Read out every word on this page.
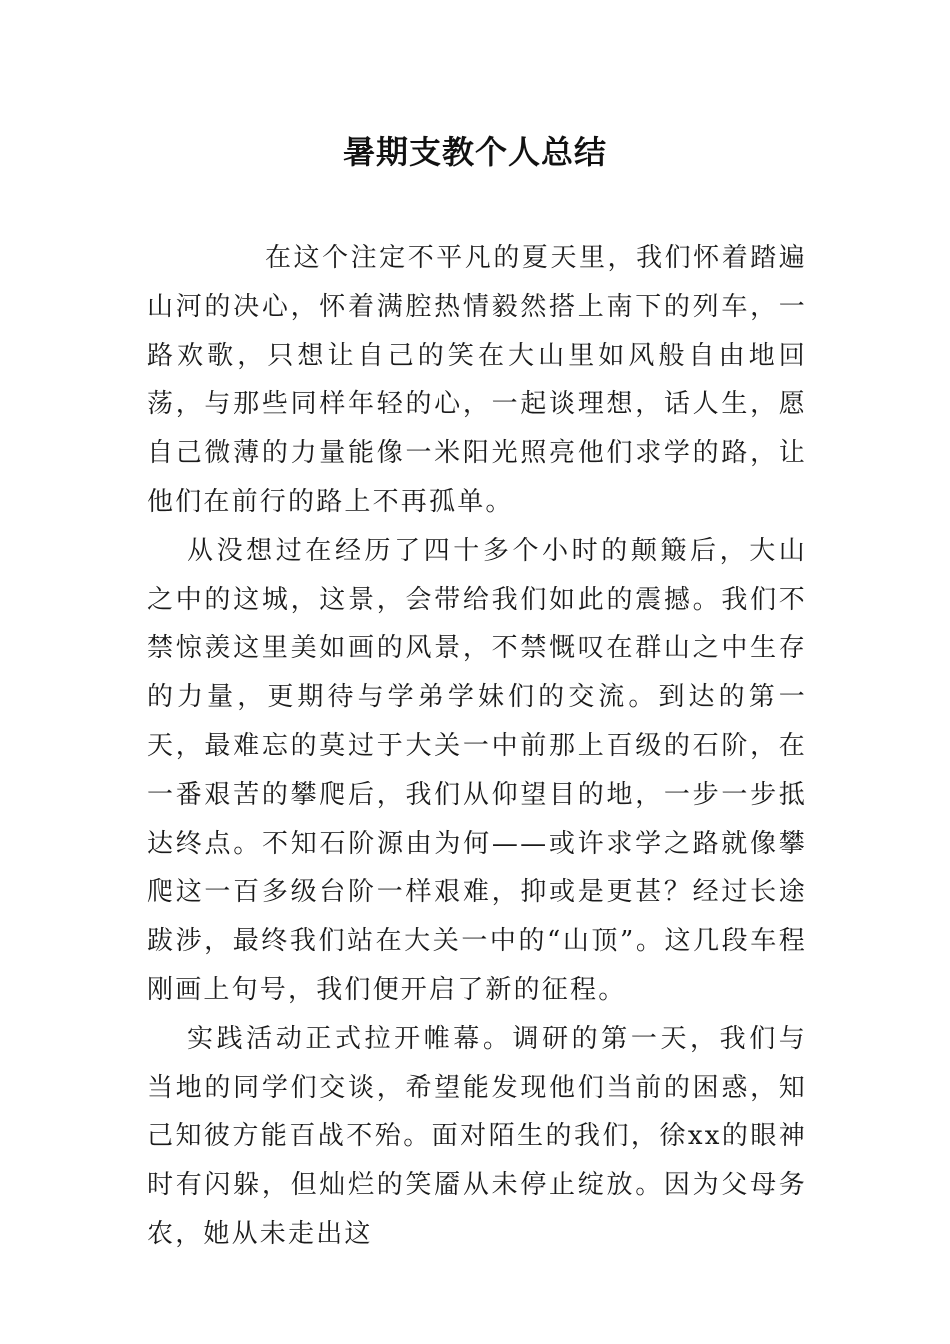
暑期支教个人总结

在这个注定不平凡的夏天里，我们怀着踏遍山河的决心，怀着满腔热情毅然搭上南下的列车，一路欢歌，只想让自己的笑在大山里如风般自由地回荡，与那些同样年轻的心，一起谈理想，话人生，愿自己微薄的力量能像一米阳光照亮他们求学的路，让他们在前行的路上不再孤单。

从没想过在经历了四十多个小时的颠簸后，大山之中的这城，这景，会带给我们如此的震撼。我们不禁惊羡这里美如画的风景，不禁慨叹在群山之中生存的力量，更期待与学弟学妹们的交流。到达的第一天，最难忘的莫过于大关一中前那上百级的石阶，在一番艰苦的攀爬后，我们从仰望目的地，一步一步抵达终点。不知石阶源由为何——或许求学之路就像攀爬这一百多级台阶一样艰难，抑或是更甚？经过长途跋涉，最终我们站在大关一中的“山顶”。这几段车程刚画上句号，我们便开启了新的征程。

实践活动正式拉开帷幕。调研的第一天，我们与当地的同学们交谈，希望能发现他们当前的困惑，知己知彼方能百战不殆。面对陌生的我们，徐xx的眼神时有闪躲，但灿烂的笑靥从未停止绽放。因为父母务农，她从未走出这
